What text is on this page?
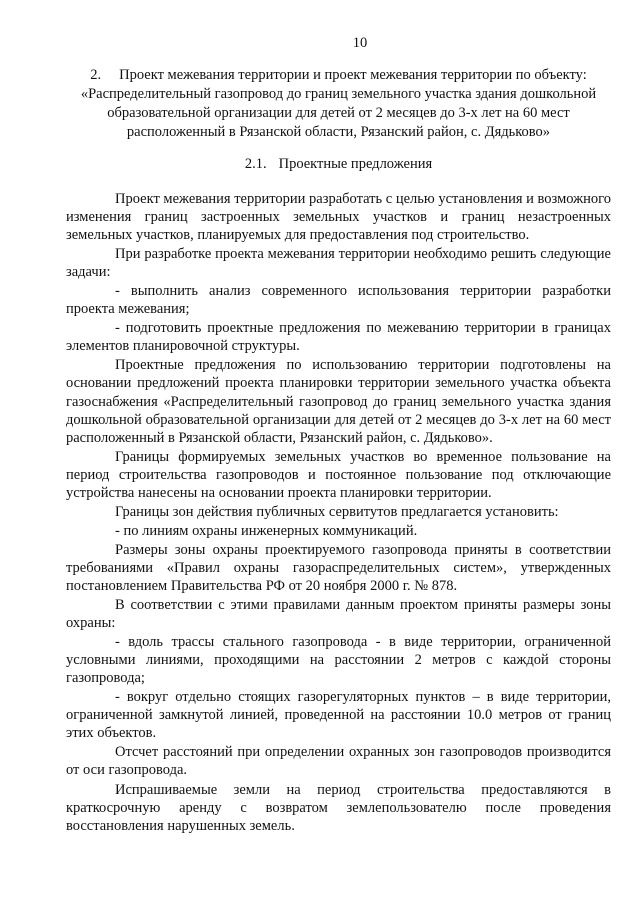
10
2. Проект межевания территории и проект межевания территории по объекту: «Распределительный газопровод до границ земельного участка здания дошкольной образовательной организации для детей от 2 месяцев до 3-х лет на 60 мест расположенный в Рязанской области, Рязанский район, с. Дядьково»
2.1. Проектные предложения

Проект межевания территории разработать с целью установления и возможного изменения границ застроенных земельных участков и границ незастроенных земельных участков, планируемых для предоставления под строительство.

При разработке проекта межевания территории необходимо решить следующие задачи:

- выполнить анализ современного использования территории разработки проекта межевания;

- подготовить проектные предложения по межеванию территории в границах элементов планировочной структуры.

Проектные предложения по использованию территории подготовлены на основании предложений проекта планировки территории земельного участка объекта газоснабжения «Распределительный газопровод до границ земельного участка здания дошкольной образовательной организации для детей от 2 месяцев до 3-х лет на 60 мест расположенный в Рязанской области, Рязанский район, с. Дядьково».

Границы формируемых земельных участков во временное пользование на период строительства газопроводов и постоянное пользование под отключающие устройства нанесены на основании проекта планировки территории.

Границы зон действия публичных сервитутов предлагается установить:

- по линиям охраны инженерных коммуникаций.

Размеры зоны охраны проектируемого газопровода приняты в соответствии требованиями «Правил охраны газораспределительных систем», утвержденных постановлением Правительства РФ от 20 ноября 2000 г. № 878.

В соответствии с этими правилами данным проектом приняты размеры зоны охраны:

- вдоль трассы стального газопровода - в виде территории, ограниченной условными линиями, проходящими на расстоянии 2 метров с каждой стороны газопровода;

- вокруг отдельно стоящих газорегуляторных пунктов – в виде территории, ограниченной замкнутой линией, проведенной на расстоянии 10.0 метров от границ этих объектов.

Отсчет расстояний при определении охранных зон газопроводов производится от оси газопровода.

Испрашиваемые земли на период строительства предоставляются в краткосрочную аренду с возвратом землепользователю после проведения восстановления нарушенных земель.
